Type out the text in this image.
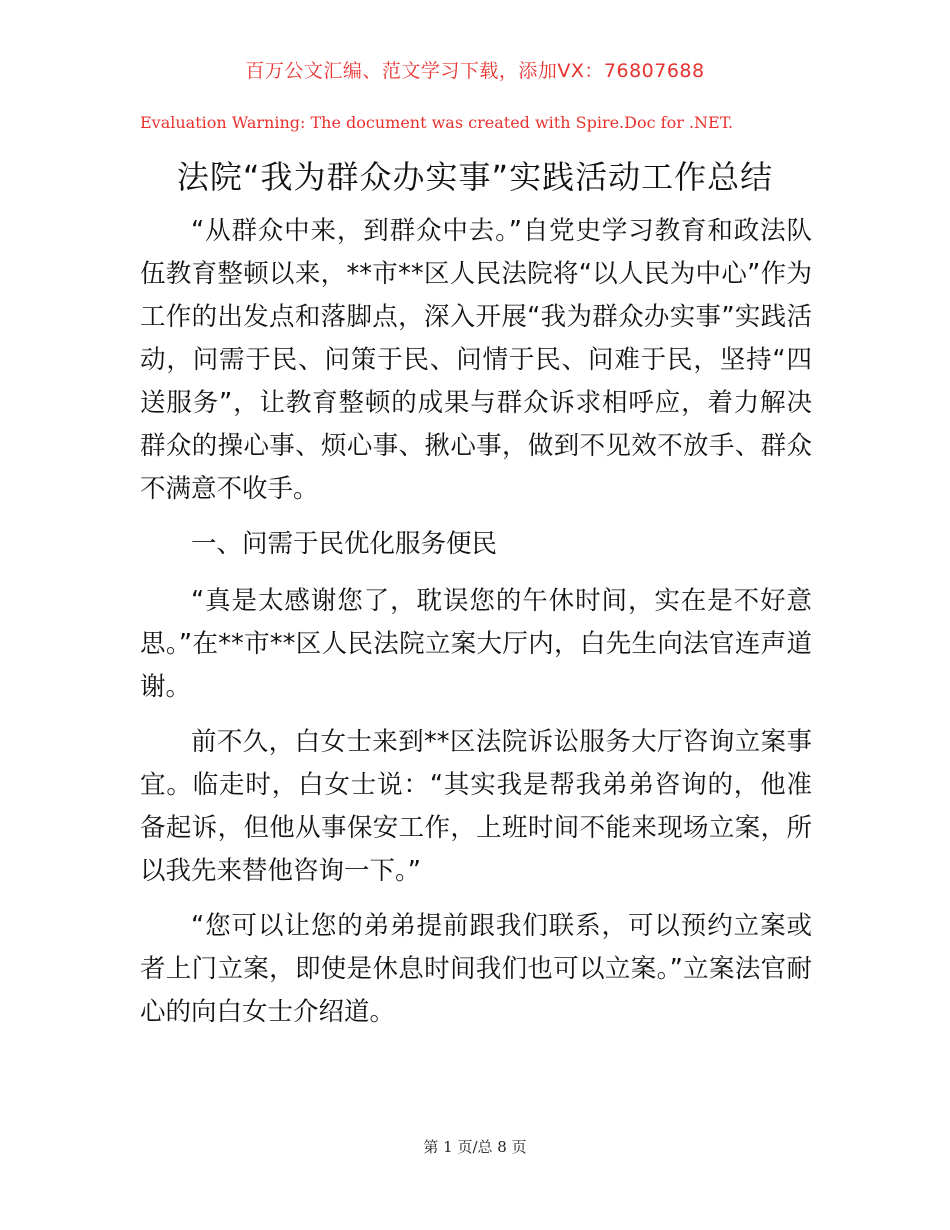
百万公文汇编、范文学习下载，添加VX：76807688
Evaluation Warning: The document was created with Spire.Doc for .NET.
法院“我为群众办实事”实践活动工作总结

“从群众中来，到群众中去。”自党史学习教育和政法队伍教育整顿以来，**市**区人民法院将“以人民为中心”作为工作的出发点和落脚点，深入开展“我为群众办实事”实践活动，问需于民、问策于民、问情于民、问难于民，坚持“四送服务”，让教育整顿的成果与群众诉求相呼应，着力解决群众的操心事、烦心事、揪心事，做到不见效不放手、群众不满意不收手。

一、问需于民优化服务便民

“真是太感谢您了，耽误您的午休时间，实在是不好意思。”在**市**区人民法院立案大厅内，白先生向法官连声道谢。

前不久，白女士来到**区法院诉讼服务大厅咨询立案事宜。临走时，白女士说：“其实我是帮我弟弟咨询的，他准备起诉，但他从事保安工作，上班时间不能来现场立案，所以我先来替他咨询一下。”

“您可以让您的弟弟提前跟我们联系，可以预约立案或者上门立案，即使是休息时间我们也可以立案。”立案法官耐心的向白女士介绍道。

第 1 页/总 8 页
